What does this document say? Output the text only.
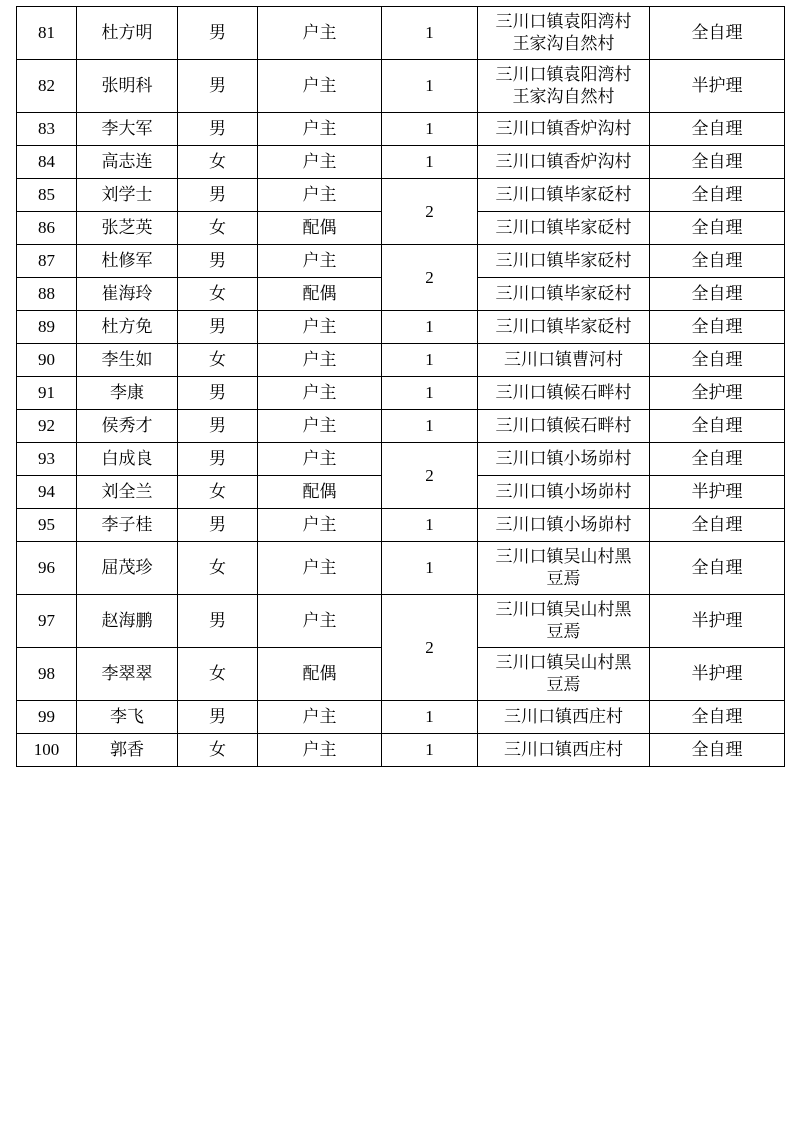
81	杜方明	男	户主	1	三川口镇袁阳湾村
王家沟自然村	全自理
82	张明科	男	户主	1	三川口镇袁阳湾村
王家沟自然村	半护理
83	李大军	男	户主	1	三川口镇香炉沟村	全自理
84	高志连	女	户主	1	三川口镇香炉沟村	全自理
85	刘学士	男	户主	2	三川口镇毕家砭村	全自理
86	张芝英	女	配偶		三川口镇毕家砭村	全自理
87	杜修军	男	户主	2	三川口镇毕家砭村	全自理
88	崔海玲	女	配偶		三川口镇毕家砭村	全自理
89	杜方免	男	户主	1	三川口镇毕家砭村	全自理
90	李生如	女	户主	1	三川口镇曹河村	全自理
91	李康	男	户主	1	三川口镇候石畔村	全护理
92	侯秀才	男	户主	1	三川口镇候石畔村	全自理
93	白成良	男	户主	2	三川口镇小场峁村	全自理
94	刘全兰	女	配偶		三川口镇小场峁村	半护理
95	李子桂	男	户主	1	三川口镇小场峁村	全自理
96	屈茂珍	女	户主	1	三川口镇吴山村黑
豆焉	全自理
97	赵海鹏	男	户主	2	三川口镇吴山村黑
豆焉	半护理
98	李翠翠	女	配偶		三川口镇吴山村黑
豆焉	半护理
99	李飞	男	户主	1	三川口镇西庄村	全自理
100	郭香	女	户主	1	三川口镇西庄村	全自理
